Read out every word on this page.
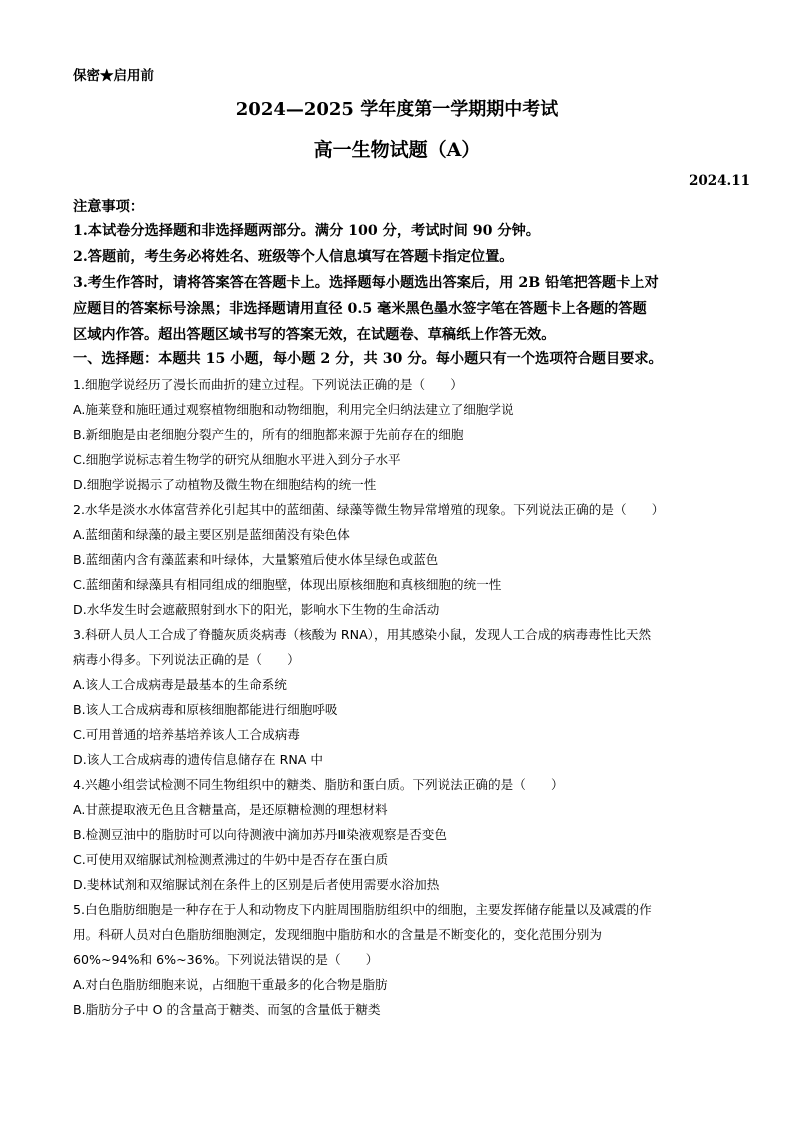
保密★启用前
2024—2025 学年度第一学期期中考试
高一生物试题（A）
2024.11
注意事项：
1.本试卷分选择题和非选择题两部分。满分 100 分，考试时间 90 分钟。
2.答题前，考生务必将姓名、班级等个人信息填写在答题卡指定位置。
3.考生作答时，请将答案答在答题卡上。选择题每小题选出答案后，用 2B 铅笔把答题卡上对
应题目的答案标号涂黑；非选择题请用直径 0.5 毫米黑色墨水签字笔在答题卡上各题的答题
区域内作答。超出答题区域书写的答案无效，在试题卷、草稿纸上作答无效。
一、选择题：本题共 15 小题，每小题 2 分，共 30 分。每小题只有一个选项符合题目要求。
1.细胞学说经历了漫长而曲折的建立过程。下列说法正确的是（　　）
A.施莱登和施旺通过观察植物细胞和动物细胞，利用完全归纳法建立了细胞学说
B.新细胞是由老细胞分裂产生的，所有的细胞都来源于先前存在的细胞
C.细胞学说标志着生物学的研究从细胞水平进入到分子水平
D.细胞学说揭示了动植物及微生物在细胞结构的统一性
2.水华是淡水水体富营养化引起其中的蓝细菌、绿藻等微生物异常增殖的现象。下列说法正确的是（　　）
A.蓝细菌和绿藻的最主要区别是蓝细菌没有染色体
B.蓝细菌内含有藻蓝素和叶绿体，大量繁殖后使水体呈绿色或蓝色
C.蓝细菌和绿藻具有相同组成的细胞壁，体现出原核细胞和真核细胞的统一性
D.水华发生时会遮蔽照射到水下的阳光，影响水下生物的生命活动
3.科研人员人工合成了脊髓灰质炎病毒（核酸为 RNA），用其感染小鼠，发现人工合成的病毒毒性比天然
病毒小得多。下列说法正确的是（　　）
A.该人工合成病毒是最基本的生命系统
B.该人工合成病毒和原核细胞都能进行细胞呼吸
C.可用普通的培养基培养该人工合成病毒
D.该人工合成病毒的遗传信息储存在 RNA 中
4.兴趣小组尝试检测不同生物组织中的糖类、脂肪和蛋白质。下列说法正确的是（　　）
A.甘蔗提取液无色且含糖量高，是还原糖检测的理想材料
B.检测豆油中的脂肪时可以向待测液中滴加苏丹Ⅲ染液观察是否变色
C.可使用双缩脲试剂检测煮沸过的牛奶中是否存在蛋白质
D.斐林试剂和双缩脲试剂在条件上的区别是后者使用需要水浴加热
5.白色脂肪细胞是一种存在于人和动物皮下内脏周围脂肪组织中的细胞，主要发挥储存能量以及减震的作
用。科研人员对白色脂肪细胞测定，发现细胞中脂肪和水的含量是不断变化的，变化范围分别为
60%~94%和 6%~36%。下列说法错误的是（　　）
A.对白色脂肪细胞来说，占细胞干重最多的化合物是脂肪
B.脂肪分子中 O 的含量高于糖类、而氢的含量低于糖类
